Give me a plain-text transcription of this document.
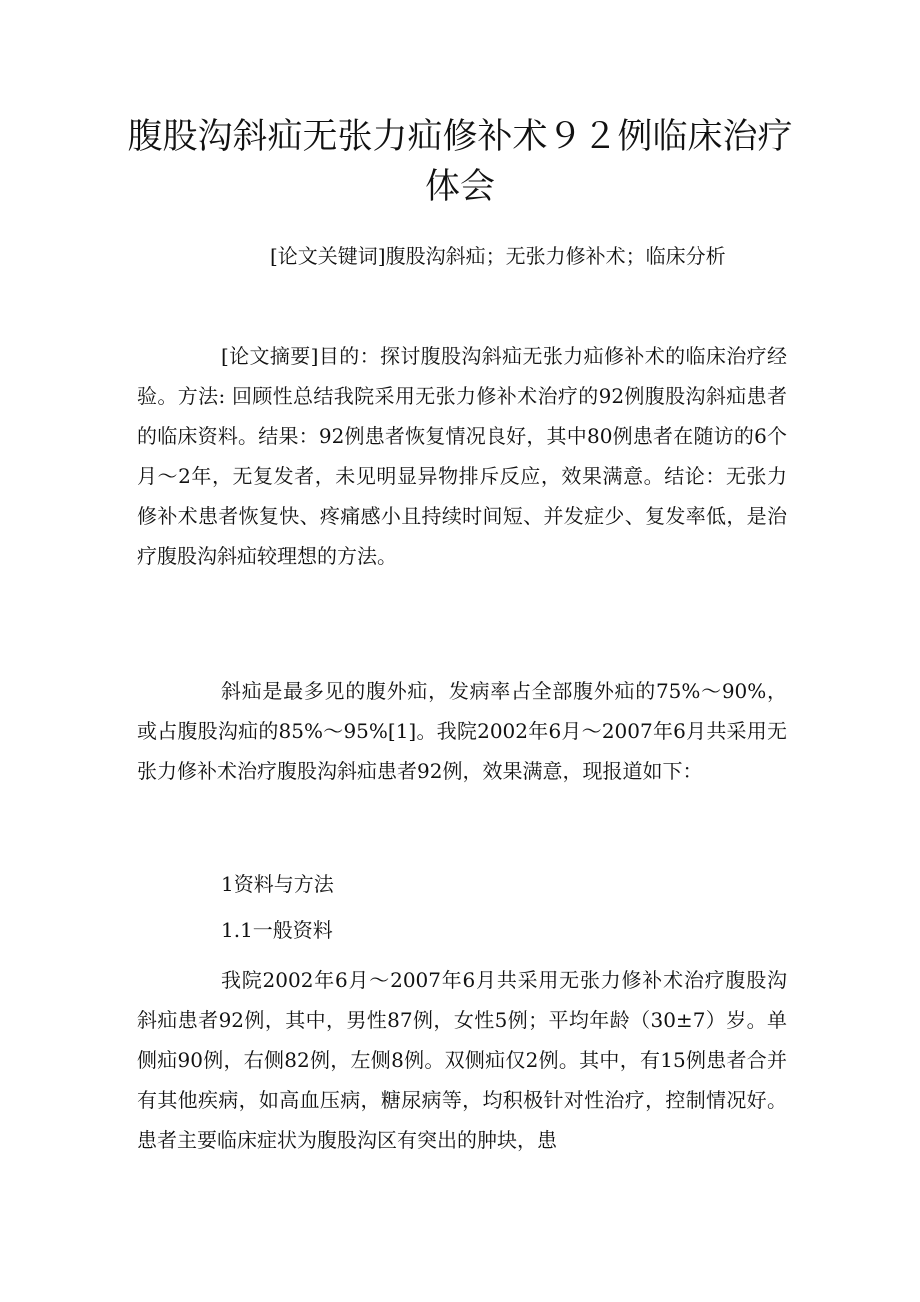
腹股沟斜疝无张力疝修补术９２例临床治疗体会
[论文关键词]腹股沟斜疝；无张力修补术；临床分析

[论文摘要]目的：探讨腹股沟斜疝无张力疝修补术的临床治疗经验。方法: 回顾性总结我院采用无张力修补术治疗的92例腹股沟斜疝患者的临床资料。结果：92例患者恢复情况良好，其中80例患者在随访的6个月～2年，无复发者，未见明显异物排斥反应，效果满意。结论：无张力修补术患者恢复快、疼痛感小且持续时间短、并发症少、复发率低，是治疗腹股沟斜疝较理想的方法。

斜疝是最多见的腹外疝，发病率占全部腹外疝的75%～90%，或占腹股沟疝的85%～95%[1]。我院2002年6月～2007年6月共采用无张力修补术治疗腹股沟斜疝患者92例，效果满意，现报道如下：

1资料与方法
1.1一般资料

我院2002年6月～2007年6月共采用无张力修补术治疗腹股沟斜疝患者92例，其中，男性87例，女性5例；平均年龄（30±7）岁。单侧疝90例，右侧82例，左侧8例。双侧疝仅2例。其中，有15例患者合并有其他疾病，如高血压病，糖尿病等，均积极针对性治疗，控制情况好。患者主要临床症状为腹股沟区有突出的肿块，患
